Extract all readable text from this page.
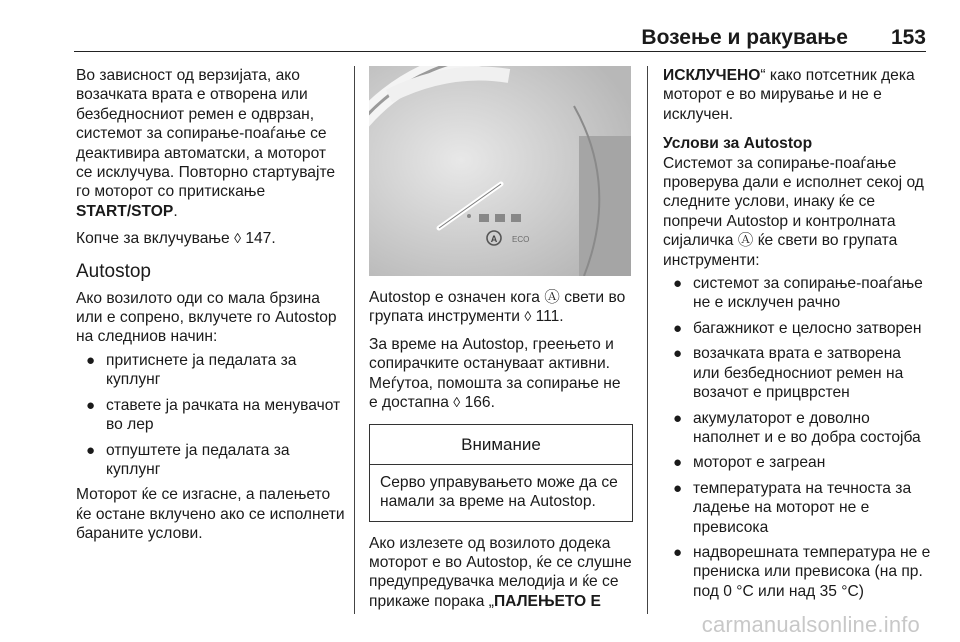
Возење и ракување 153

Во зависност од верзијата, ако возачката врата е отворена или безбедносниот ремен е одврзан, системот за сопирање-поаѓање се деактивира автоматски, а моторот се исклучува. Повторно стартувајте го моторот со притискање START/STOP.

Копче за вклучување ◊ 147.

Autostop

Ако возилото оди со мала брзина или е сопрено, вклучете го Autostop на следниов начин:

● притиснете ја педалата за куплунг
● ставете ја рачката на менувачот во лер
● отпуштете ја педалата за куплунг

Моторот ќе се изгасне, а палењето ќе остане вклучено ако се исполнети бараните услови.

A ECO

Autostop е означен кога Ⓐ свети во групата инструменти ◊ 111.

За време на Autostop, греењето и сопирачките остануваат активни. Меѓутоа, помошта за сопирање не е достапна ◊ 166.

Внимание
Серво управувањето може да се намали за време на Autostop.

Ако излезете од возилото додека моторот е во Autostop, ќе се слушне предупредувачка мелодија и ќе се прикаже порака „ПАЛЕЊЕТО Е

ИСКЛУЧЕНО“ како потсетник дека моторот е во мирување и не е исклучен.

Услови за Autostop

Системот за сопирање-поаѓање проверува дали е исполнет секој од следните услови, инаку ќе се попречи Autostop и контролната сијаличка Ⓐ ќе свети во групата инструменти:

● системот за сопирање-поаѓање не е исклучен рачно
● багажникот е целосно затворен
● возачката врата е затворена или безбедносниот ремен на возачот е прицврстен
● акумулаторот е доволно наполнет и е во добра состојба
● моторот е загреан
● температурата на течноста за ладење на моторот не е превисока
● надворешната температура не е прениска или превисока (на пр. под 0 °C или над 35 °C)
carmanualsonline.info
